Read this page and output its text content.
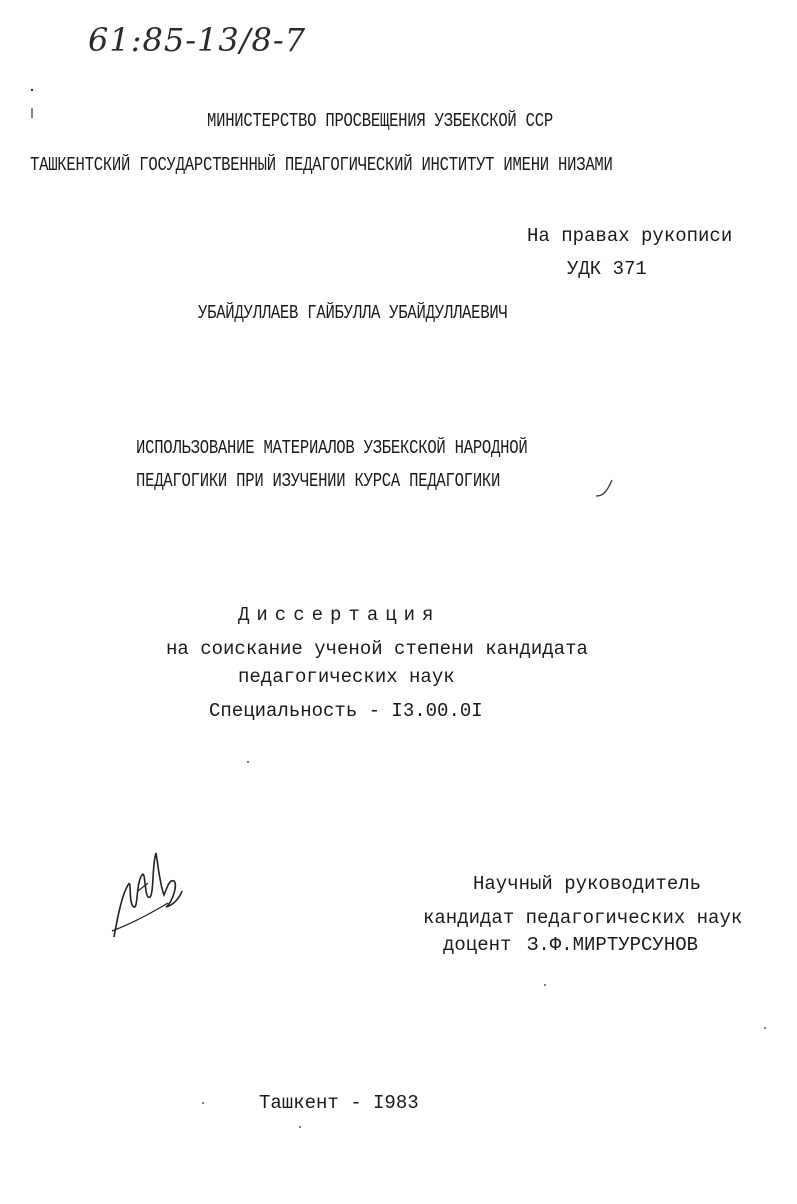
61:85-13/8-7
МИНИСТЕРСТВО ПРОСВЕЩЕНИЯ УЗБЕКСКОЙ ССР
ТАШКЕНТСКИЙ ГОСУДАРСТВЕННЫЙ ПЕДАГОГИЧЕСКИЙ ИНСТИТУТ ИМЕНИ НИЗАМИ
На правах рукописи
УДК 371
УБАЙДУЛЛАЕВ ГАЙБУЛЛА УБАЙДУЛЛАЕВИЧ
ИСПОЛЬЗОВАНИЕ МАТЕРИАЛОВ УЗБЕКСКОЙ НАРОДНОЙ
ПЕДАГОГИКИ ПРИ ИЗУЧЕНИИ КУРСА ПЕДАГОГИКИ
Диссертация
на соискание ученой степени кандидата
педагогических наук
Специальность - I3.00.0I
Научный руководитель
кандидат педагогических наук
доцент З.Ф.МИРТУРСУНОВ
Ташкент - I983
